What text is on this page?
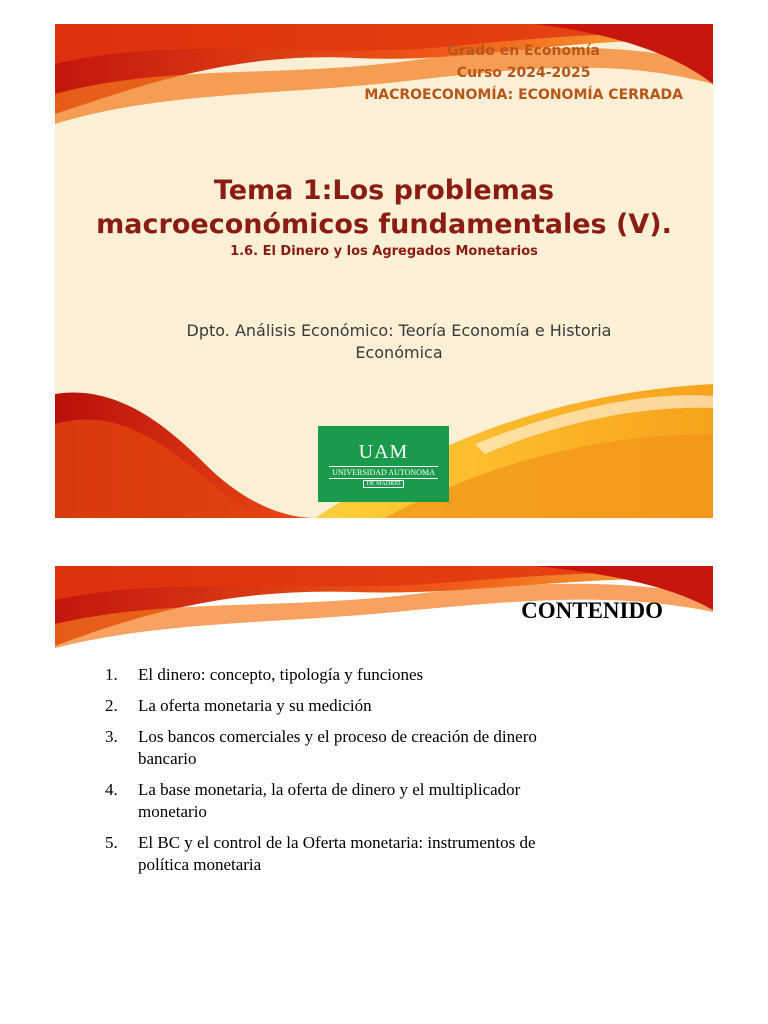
Grado en Economía
Curso 2024-2025
MACROECONOMÍA: ECONOMÍA CERRADA
Tema 1:Los problemas
macroeconómicos fundamentales (V).
1.6. El Dinero y los Agregados Monetarios
Dpto. Análisis Económico: Teoría Economía e Historia
Económica
UAM
UNIVERSIDAD AUTONOMA
DE MADRID
CONTENIDO
1.	El dinero: concepto, tipología y funciones
2.	La oferta monetaria y su medición
3.	Los bancos comerciales y el proceso de creación de dinero
bancario
4.	La base monetaria, la oferta de dinero y el multiplicador
monetario
5.	El BC y el control de la Oferta monetaria: instrumentos de
política monetaria
